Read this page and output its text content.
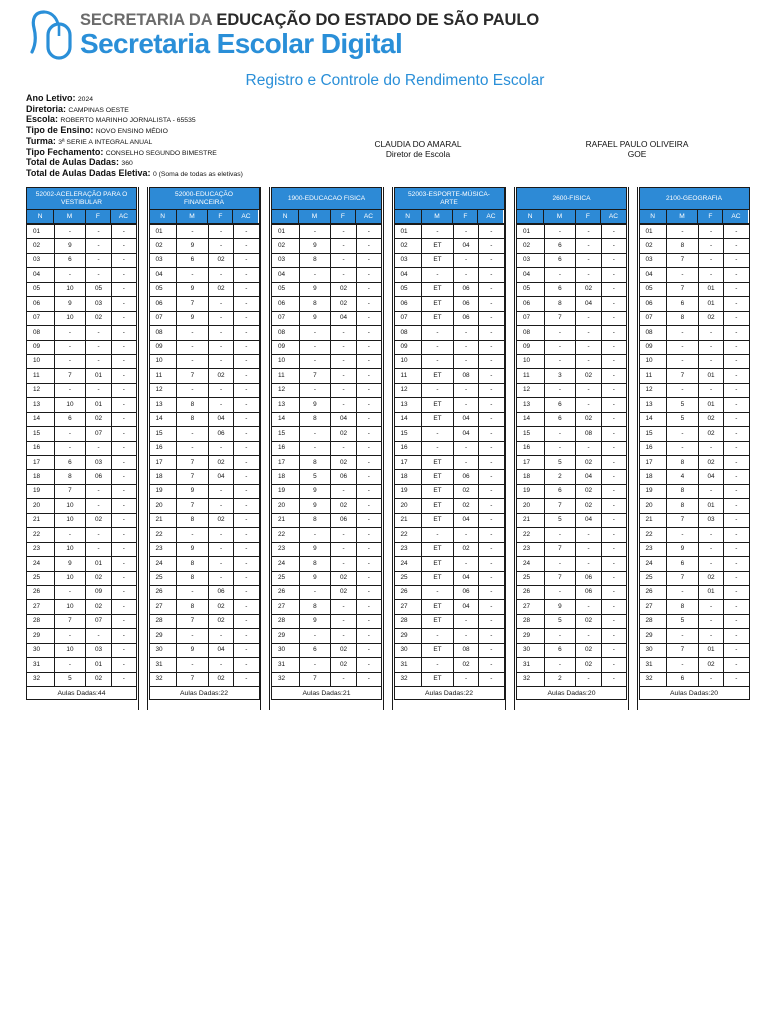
SECRETARIA DA EDUCAÇÃO DO ESTADO DE SÃO PAULO
Secretaria Escolar Digital
Registro e Controle do Rendimento Escolar
Ano Letivo: 2024
Diretoria: CAMPINAS OESTE
Escola: ROBERTO MARINHO JORNALISTA - 65535
Tipo de Ensino: NOVO ENSINO MÉDIO
Turma: 3ª SERIE A INTEGRAL ANUAL
Tipo Fechamento: CONSELHO SEGUNDO BIMESTRE
Total de Aulas Dadas: 360
Total de Aulas Dadas Eletiva: 0 (Soma de todas as eletivas)
CLAUDIA DO AMARAL
Diretor de Escola
RAFAEL PAULO OLIVEIRA
GOE
52002-ACELERAÇÃO PARA O VESTIBULAR
N	M	F	AC
01	-	-	-
02	9	-	-
03	6	-	-
04	-	-	-
05	10	05	-
06	9	03	-
07	10	02	-
08	-	-	-
09	-	-	-
10	-	-	-
11	7	01	-
12	-	-	-
13	10	01	-
14	6	02	-
15	-	07	-
16	-	-	-
17	6	03	-
18	8	06	-
19	7	-	-
20	10	-	-
21	10	02	-
22	-	-	-
23	10	-	-
24	9	01	-
25	10	02	-
26	-	09	-
27	10	02	-
28	7	07	-
29	-	-	-
30	10	03	-
31	-	01	-
32	5	02	-
Aulas Dadas:44
52000-EDUCAÇÃO FINANCEIRA
N	M	F	AC
01	-	-	-
02	9	-	-
03	6	02	-
04	-	-	-
05	9	02	-
06	7	-	-
07	9	-	-
08	-	-	-
09	-	-	-
10	-	-	-
11	7	02	-
12	-	-	-
13	8	-	-
14	8	04	-
15	-	06	-
16	-	-	-
17	7	02	-
18	7	04	-
19	9	-	-
20	7	-	-
21	8	02	-
22	-	-	-
23	9	-	-
24	8	-	-
25	8	-	-
26	-	06	-
27	8	02	-
28	7	02	-
29	-	-	-
30	9	04	-
31	-	-	-
32	7	02	-
Aulas Dadas:22
1900-EDUCACAO FISICA
N	M	F	AC
01	-	-	-
02	9	-	-
03	8	-	-
04	-	-	-
05	9	02	-
06	8	02	-
07	9	04	-
08	-	-	-
09	-	-	-
10	-	-	-
11	7	-	-
12	-	-	-
13	9	-	-
14	8	04	-
15	-	02	-
16	-	-	-
17	8	02	-
18	5	06	-
19	9	-	-
20	9	02	-
21	8	06	-
22	-	-	-
23	9	-	-
24	8	-	-
25	9	02	-
26	-	02	-
27	8	-	-
28	9	-	-
29	-	-	-
30	6	02	-
31	-	02	-
32	7	-	-
Aulas Dadas:21
52003-ESPORTE-MÚSICA-ARTE
N	M	F	AC
01	-	-	-
02	ET	04	-
03	ET	-	-
04	-	-	-
05	ET	06	-
06	ET	06	-
07	ET	06	-
08	-	-	-
09	-	-	-
10	-	-	-
11	ET	08	-
12	-	-	-
13	ET	-	-
14	ET	04	-
15	-	04	-
16	-	-	-
17	ET	-	-
18	ET	06	-
19	ET	02	-
20	ET	02	-
21	ET	04	-
22	-	-	-
23	ET	02	-
24	ET	-	-
25	ET	04	-
26	-	06	-
27	ET	04	-
28	ET	-	-
29	-	-	-
30	ET	08	-
31	-	02	-
32	ET	-	-
Aulas Dadas:22
2600-FISICA
N	M	F	AC
01	-	-	-
02	6	-	-
03	6	-	-
04	-	-	-
05	6	02	-
06	8	04	-
07	7	-	-
08	-	-	-
09	-	-	-
10	-	-	-
11	3	02	-
12	-	-	-
13	6	-	-
14	6	02	-
15	-	08	-
16	-	-	-
17	5	02	-
18	2	04	-
19	6	02	-
20	7	02	-
21	5	04	-
22	-	-	-
23	7	-	-
24	-	-	-
25	7	06	-
26	-	06	-
27	9	-	-
28	5	02	-
29	-	-	-
30	6	02	-
31	-	02	-
32	2	-	-
Aulas Dadas:20
2100-GEOGRAFIA
N	M	F	AC
01	-	-	-
02	8	-	-
03	7	-	-
04	-	-	-
05	7	01	-
06	6	01	-
07	8	02	-
08	-	-	-
09	-	-	-
10	-	-	-
11	7	01	-
12	-	-	-
13	5	01	-
14	5	02	-
15	-	02	-
16	-	-	-
17	8	02	-
18	4	04	-
19	8	-	-
20	8	01	-
21	7	03	-
22	-	-	-
23	9	-	-
24	6	-	-
25	7	02	-
26	-	01	-
27	8	-	-
28	5	-	-
29	-	-	-
30	7	01	-
31	-	02	-
32	6	-	-
Aulas Dadas:20
